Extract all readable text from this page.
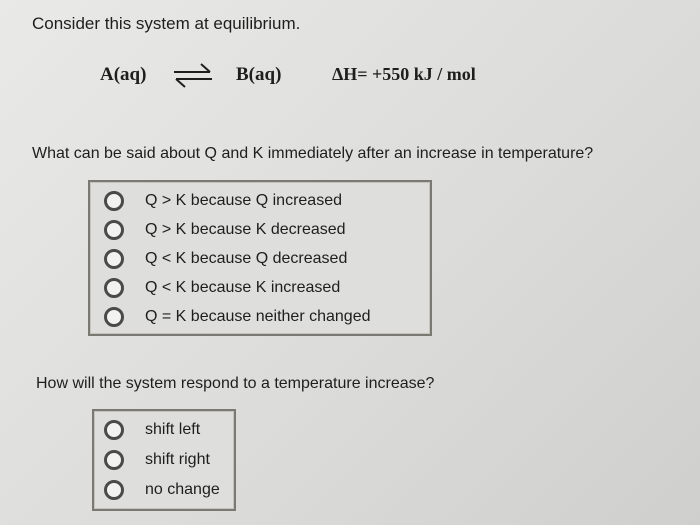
Consider this system at equilibrium.
A(aq) ⇌ B(aq)	ΔH= +550 kJ / mol
What can be said about Q and K immediately after an increase in temperature?
Q > K because Q increased
Q > K because K decreased
Q < K because Q decreased
Q < K because K increased
Q = K because neither changed
How will the system respond to a temperature increase?
shift left
shift right
no change
